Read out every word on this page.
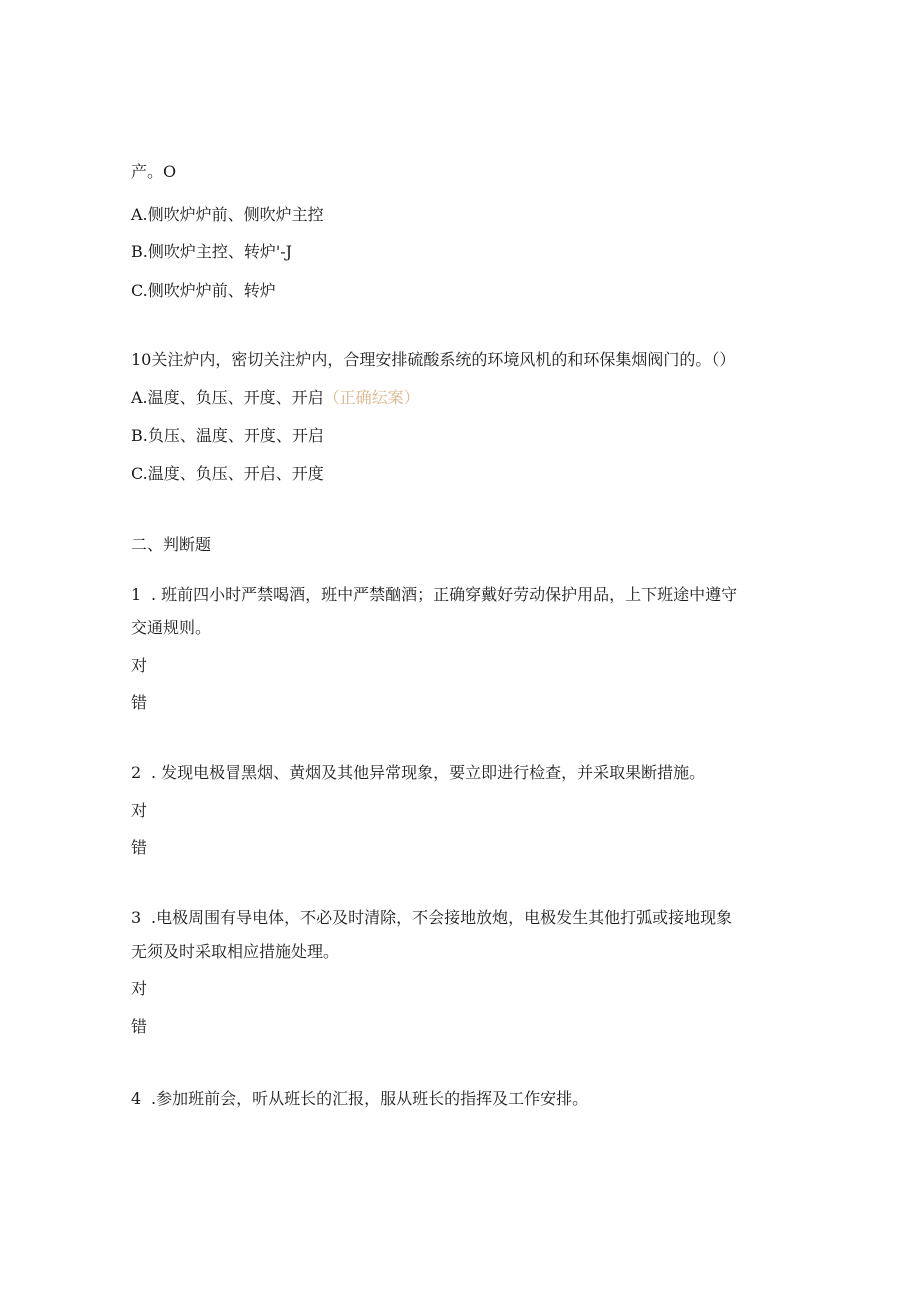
产。O
A.侧吹炉炉前、侧吹炉主控
B.侧吹炉主控、转炉'-J
C.侧吹炉炉前、转炉
10关注炉内，密切关注炉内，合理安排硫酸系统的环境风机的和环保集烟阀门的。（）
A.温度、负压、开度、开启（正确纭案）
B.负压、温度、开度、开启
C.温度、负压、开启、开度
二、判断题
1 . 班前四小时严禁喝酒，班中严禁酗酒；正确穿戴好劳动保护用品，上下班途中遵守
交通规则。
对
错
2 . 发现电极冒黑烟、黄烟及其他异常现象，要立即进行检查，并采取果断措施。
对
错
3 .电极周围有导电体，不必及时清除，不会接地放炮，电极发生其他打弧或接地现象
无须及时采取相应措施处理。
对
错
4 .参加班前会，听从班长的汇报，服从班长的指挥及工作安排。
